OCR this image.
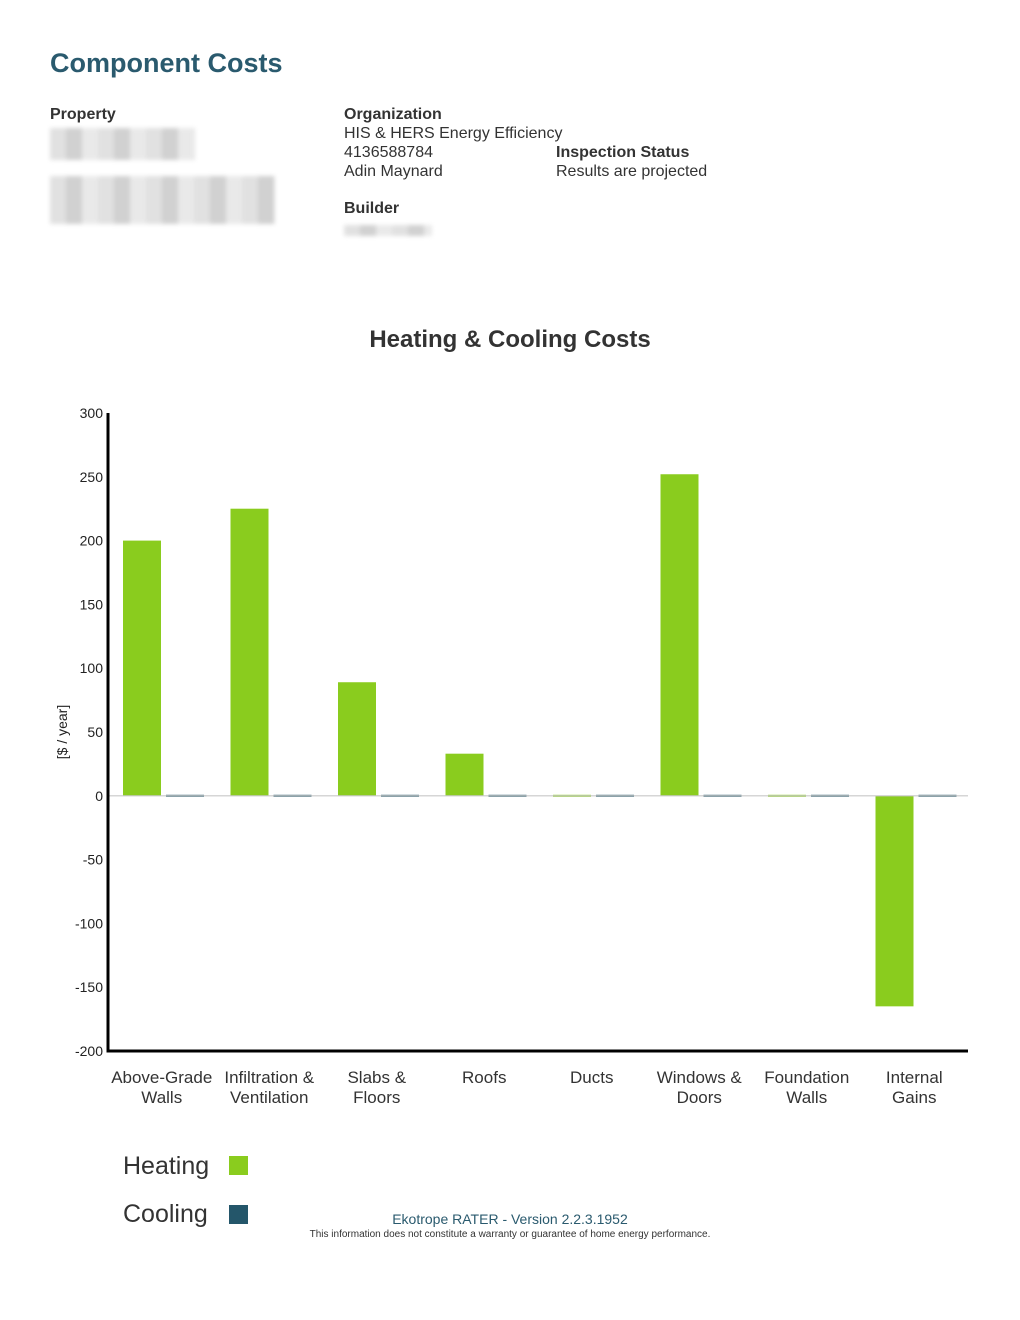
Component Costs
Property	Organization
HIS & HERS Energy Efficiency
4136588784
Adin Maynard
Builder
Inspection Status
Results are projected
Heating & Cooling Costs
300
250
200
150
100
50
0
-50
-100
-150
-200
[$ / year]
Above-Grade Walls
Infiltration & Ventilation
Slabs & Floors
Roofs	Ducts	Windows & Doors
Foundation Walls
Internal Gains
Heating
Cooling	Ekotrope RATER - Version 2.2.3.1952
This information does not constitute a warranty or guarantee of home energy performance.
